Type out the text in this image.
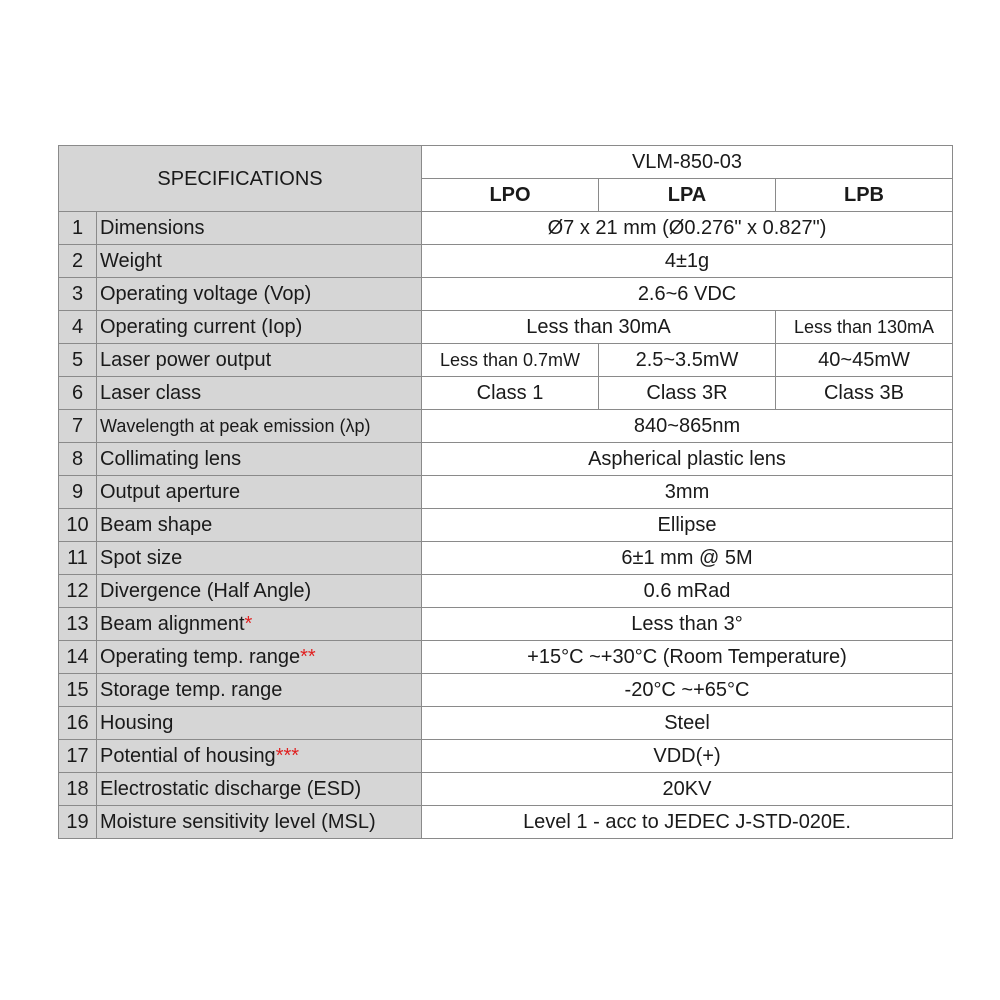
SPECIFICATIONS		VLM-850-03		
		LPO	LPA	LPB
1	Dimensions	Ø7 x 21 mm (Ø0.276" x 0.827")		
2	Weight	4±1g		
3	Operating voltage (Vop)	2.6~6 VDC		
4	Operating current (Iop)	Less than 30mA		Less than 130mA
5	Laser power output	Less than 0.7mW	2.5~3.5mW	40~45mW
6	Laser class	Class 1	Class 3R	Class 3B
7	Wavelength at peak emission (λp)	840~865nm		
8	Collimating lens	Aspherical plastic lens		
9	Output aperture	3mm		
10	Beam shape	Ellipse		
11	Spot size	6±1 mm @ 5M		
12	Divergence (Half Angle)	0.6 mRad		
13	Beam alignment*	Less than 3°		
14	Operating temp. range**	+15°C ~+30°C (Room Temperature)		
15	Storage temp. range	-20°C ~+65°C		
16	Housing	Steel		
17	Potential of housing***	VDD(+)		
18	Electrostatic discharge (ESD)	20KV		
19	Moisture sensitivity level (MSL)	Level 1 - acc to JEDEC J-STD-020E.		
